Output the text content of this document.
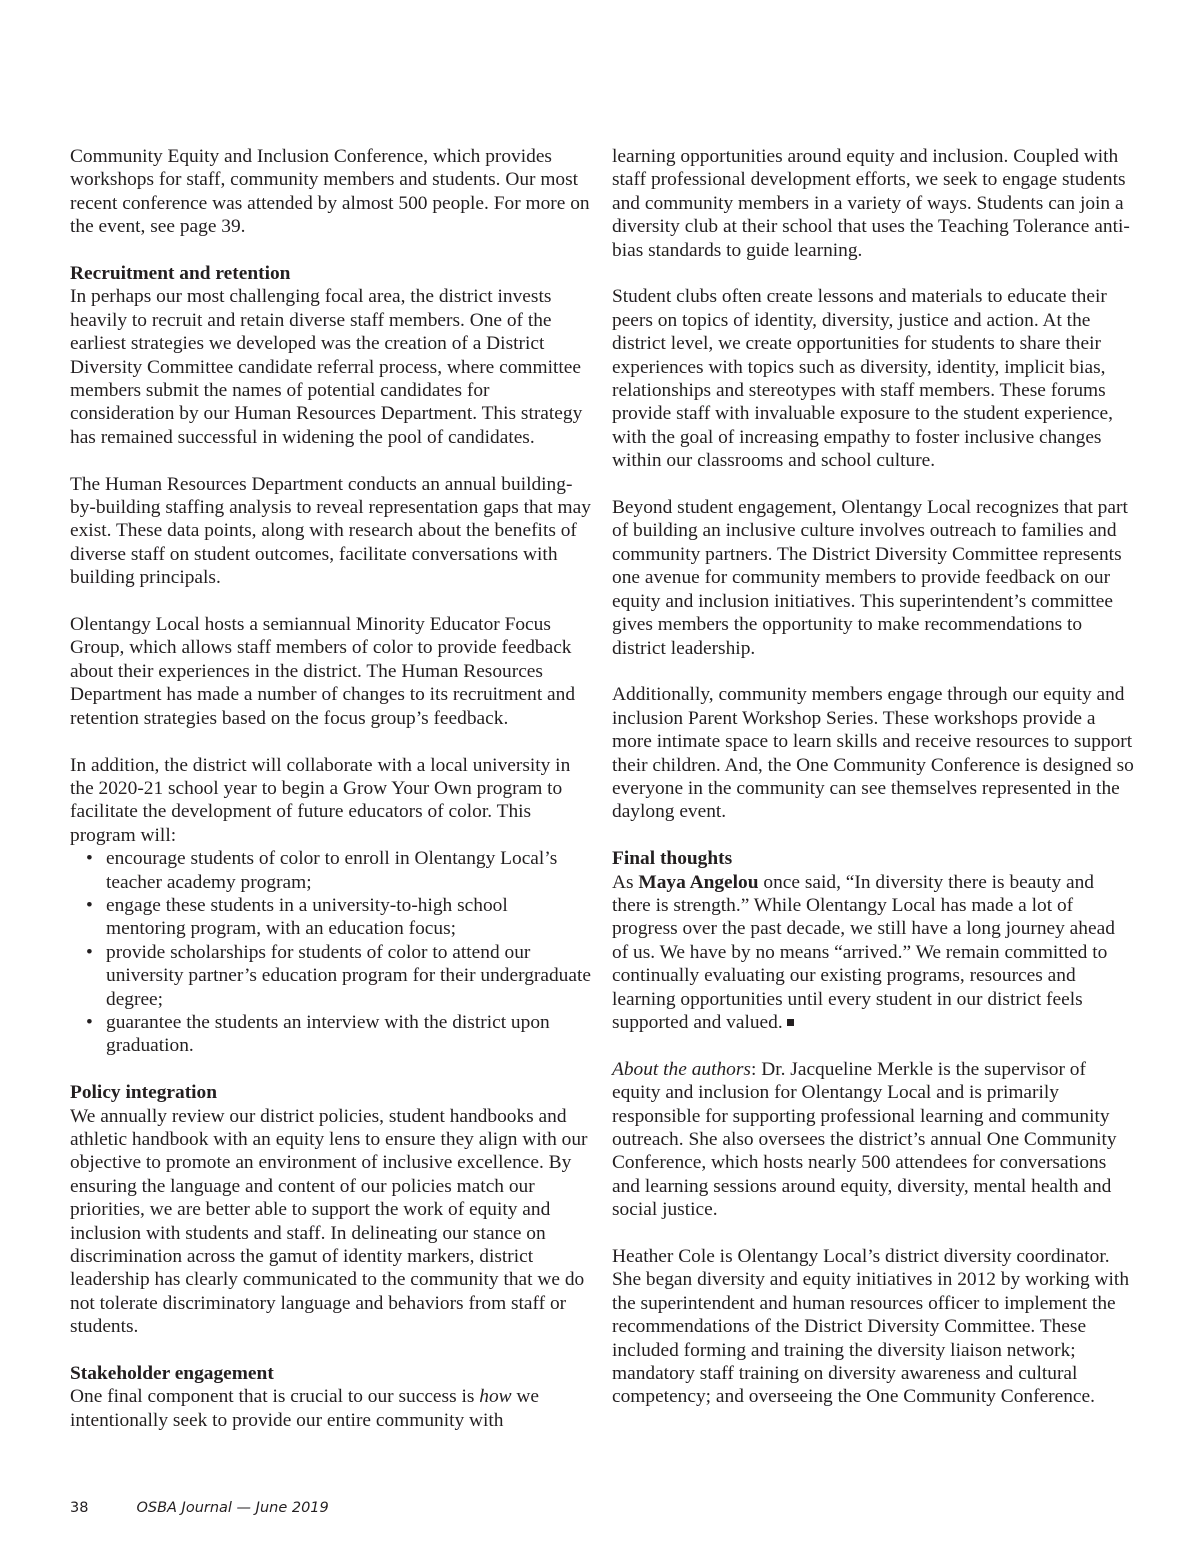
Community Equity and Inclusion Conference, which provides workshops for staff, community members and students. Our most recent conference was attended by almost 500 people. For more on the event, see page 39.

Recruitment and retention

In perhaps our most challenging focal area, the district invests heavily to recruit and retain diverse staff members. One of the earliest strategies we developed was the creation of a District Diversity Committee candidate referral process, where committee members submit the names of potential candidates for consideration by our Human Resources Department. This strategy has remained successful in widening the pool of candidates.

The Human Resources Department conducts an annual building-by-building staffing analysis to reveal representation gaps that may exist. These data points, along with research about the benefits of diverse staff on student outcomes, facilitate conversations with building principals.

Olentangy Local hosts a semiannual Minority Educator Focus Group, which allows staff members of color to provide feedback about their experiences in the district. The Human Resources Department has made a number of changes to its recruitment and retention strategies based on the focus group’s feedback.

In addition, the district will collaborate with a local university in the 2020-21 school year to begin a Grow Your Own program to facilitate the development of future educators of color. This program will:

• encourage students of color to enroll in Olentangy Local’s teacher academy program;
• engage these students in a university-to-high school mentoring program, with an education focus;
• provide scholarships for students of color to attend our university partner’s education program for their undergraduate degree;
• guarantee the students an interview with the district upon graduation.
Policy integration

We annually review our district policies, student handbooks and athletic handbook with an equity lens to ensure they align with our objective to promote an environment of inclusive excellence. By ensuring the language and content of our policies match our priorities, we are better able to support the work of equity and inclusion with students and staff. In delineating our stance on discrimination across the gamut of identity markers, district leadership has clearly communicated to the community that we do not tolerate discriminatory language and behaviors from staff or students.

Stakeholder engagement

One final component that is crucial to our success is how we intentionally seek to provide our entire community with

learning opportunities around equity and inclusion. Coupled with staff professional development efforts, we seek to engage students and community members in a variety of ways. Students can join a diversity club at their school that uses the Teaching Tolerance anti-bias standards to guide learning.

Student clubs often create lessons and materials to educate their peers on topics of identity, diversity, justice and action. At the district level, we create opportunities for students to share their experiences with topics such as diversity, identity, implicit bias, relationships and stereotypes with staff members. These forums provide staff with invaluable exposure to the student experience, with the goal of increasing empathy to foster inclusive changes within our classrooms and school culture.

Beyond student engagement, Olentangy Local recognizes that part of building an inclusive culture involves outreach to families and community partners. The District Diversity Committee represents one avenue for community members to provide feedback on our equity and inclusion initiatives. This superintendent’s committee gives members the opportunity to make recommendations to district leadership.

Additionally, community members engage through our equity and inclusion Parent Workshop Series. These workshops provide a more intimate space to learn skills and receive resources to support their children. And, the One Community Conference is designed so everyone in the community can see themselves represented in the daylong event.

Final thoughts

As Maya Angelou once said, “In diversity there is beauty and there is strength.” While Olentangy Local has made a lot of progress over the past decade, we still have a long journey ahead of us. We have by no means “arrived.” We remain committed to continually evaluating our existing programs, resources and learning opportunities until every student in our district feels supported and valued.

About the authors: Dr. Jacqueline Merkle is the supervisor of equity and inclusion for Olentangy Local and is primarily responsible for supporting professional learning and community outreach. She also oversees the district’s annual One Community Conference, which hosts nearly 500 attendees for conversations and learning sessions around equity, diversity, mental health and social justice.

Heather Cole is Olentangy Local’s district diversity coordinator. She began diversity and equity initiatives in 2012 by working with the superintendent and human resources officer to implement the recommendations of the District Diversity Committee. These included forming and training the diversity liaison network; mandatory staff training on diversity awareness and cultural competency; and overseeing the One Community Conference.

38	OSBA Journal — June 2019
